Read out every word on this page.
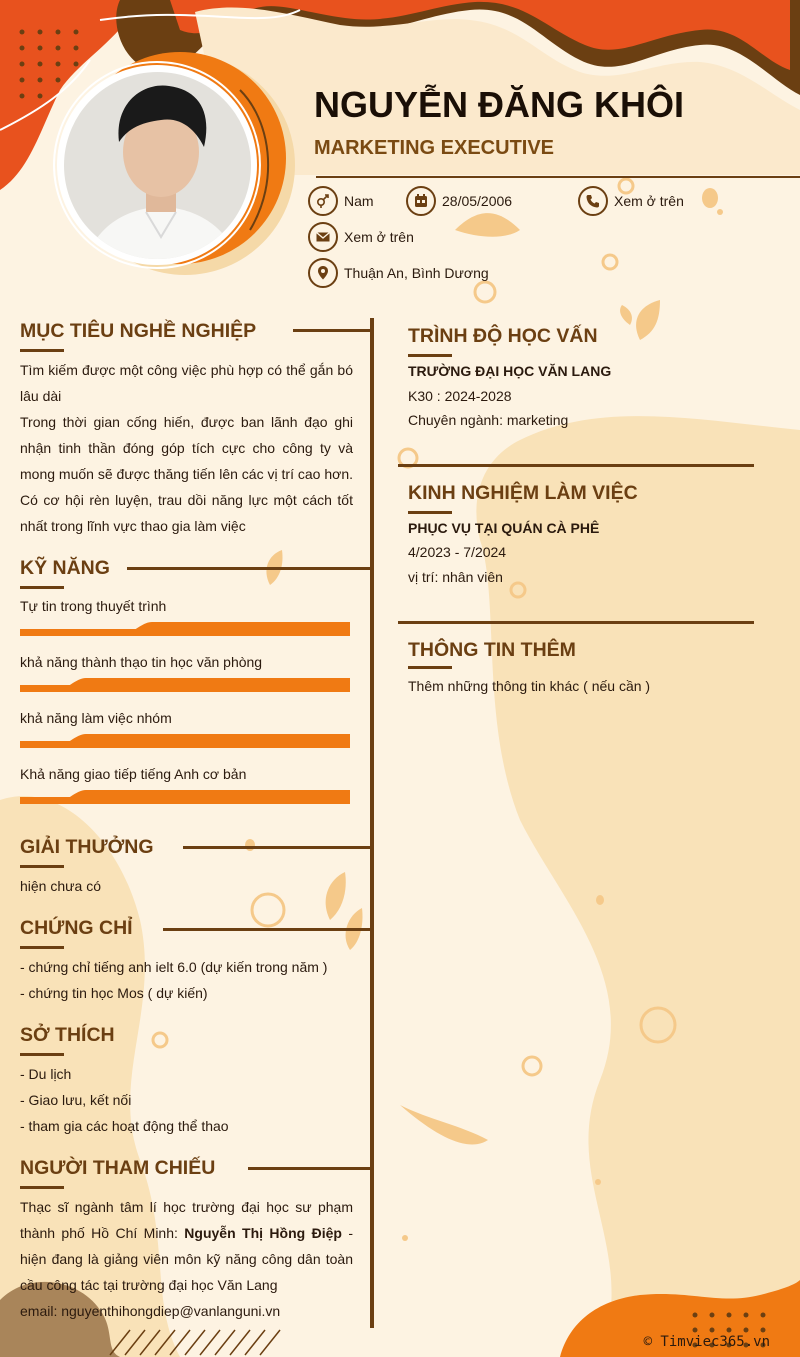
NGUYỄN ĐĂNG KHÔI
MARKETING EXECUTIVE
Nam	28/05/2006	Xem ở trên
Xem ở trên
Thuận An, Bình Dương
MỤC TIÊU NGHỀ NGHIỆP
Tìm kiếm được một công việc phù hợp có thể gắn bó lâu dài
Trong thời gian cống hiến, được ban lãnh đạo ghi nhận tinh thần đóng góp tích cực cho công ty và mong muốn sẽ được thăng tiến lên các vị trí cao hơn. Có cơ hội rèn luyện, trau dồi năng lực một cách tốt nhất trong lĩnh vực thao gia làm việc
KỸ NĂNG
Tự tin trong thuyết trình
khả năng thành thạo tin học văn phòng
khả năng làm việc nhóm
Khả năng giao tiếp tiếng Anh cơ bản
GIẢI THƯỞNG
hiện chưa có
CHỨNG CHỈ
- chứng chỉ tiếng anh ielt 6.0 (dự kiến trong năm )
- chứng tin học Mos ( dự kiến)
SỞ THÍCH
- Du lịch
- Giao lưu, kết nối
- tham gia các hoạt động thể thao
NGƯỜI THAM CHIẾU
Thạc sĩ ngành tâm lí học trường đại học sư phạm thành phố Hồ Chí Minh: Nguyễn Thị Hồng Điệp - hiện đang là giảng viên môn kỹ năng công dân toàn cầu công tác tại trường đại học Văn Lang
email: nguyenthihongdiep@vanlanguni.vn
TRÌNH ĐỘ HỌC VẤN
TRƯỜNG ĐẠI HỌC VĂN LANG
K30 : 2024-2028
Chuyên ngành: marketing
KINH NGHIỆM LÀM VIỆC
PHỤC VỤ TẠI QUÁN CÀ PHÊ
4/2023 - 7/2024
vị trí: nhân viên
THÔNG TIN THÊM
Thêm những thông tin khác ( nếu cần )
© Timviec365.vn
